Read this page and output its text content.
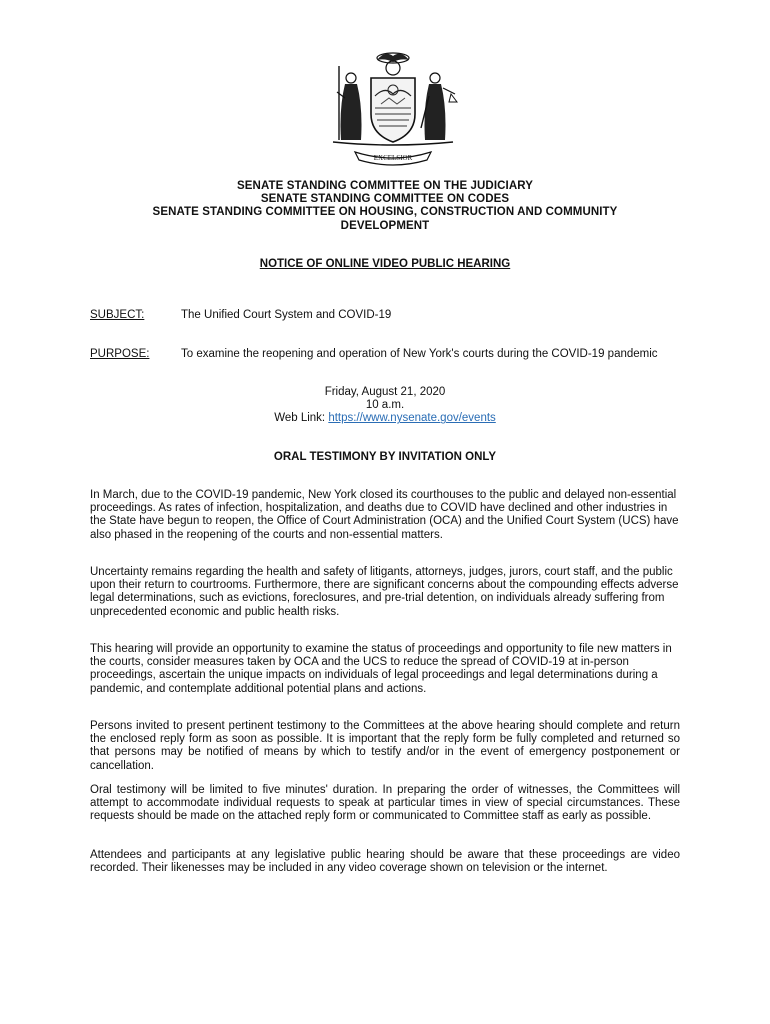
EXCELSIOR
SENATE STANDING COMMITTEE ON THE JUDICIARY
SENATE STANDING COMMITTEE ON CODES
SENATE STANDING COMMITTEE ON HOUSING, CONSTRUCTION AND COMMUNITY
DEVELOPMENT
NOTICE OF ONLINE VIDEO PUBLIC HEARING
SUBJECT:	The Unified Court System and COVID-19
PURPOSE:	To examine the reopening and operation of New York's courts during the COVID-19 pandemic
Friday, August 21, 2020
10 a.m.
Web Link: https://www.nysenate.gov/events
ORAL TESTIMONY BY INVITATION ONLY

In March, due to the COVID-19 pandemic, New York closed its courthouses to the public and delayed non-essential proceedings. As rates of infection, hospitalization, and deaths due to COVID have declined and other industries in the State have begun to reopen, the Office of Court Administration (OCA) and the Unified Court System (UCS) have also phased in the reopening of the courts and non-essential matters.

Uncertainty remains regarding the health and safety of litigants, attorneys, judges, jurors, court staff, and the public upon their return to courtrooms. Furthermore, there are significant concerns about the compounding effects adverse legal determinations, such as evictions, foreclosures, and pre-trial detention, on individuals already suffering from unprecedented economic and public health risks.

This hearing will provide an opportunity to examine the status of proceedings and opportunity to file new matters in the courts, consider measures taken by OCA and the UCS to reduce the spread of COVID-19 at in-person proceedings, ascertain the unique impacts on individuals of legal proceedings and legal determinations during a pandemic, and contemplate additional potential plans and actions.

Persons invited to present pertinent testimony to the Committees at the above hearing should complete and return the enclosed reply form as soon as possible. It is important that the reply form be fully completed and returned so that persons may be notified of means by which to testify and/or in the event of emergency postponement or cancellation.

Oral testimony will be limited to five minutes' duration. In preparing the order of witnesses, the Committees will attempt to accommodate individual requests to speak at particular times in view of special circumstances. These requests should be made on the attached reply form or communicated to Committee staff as early as possible.

Attendees and participants at any legislative public hearing should be aware that these proceedings are video recorded. Their likenesses may be included in any video coverage shown on television or the internet.
